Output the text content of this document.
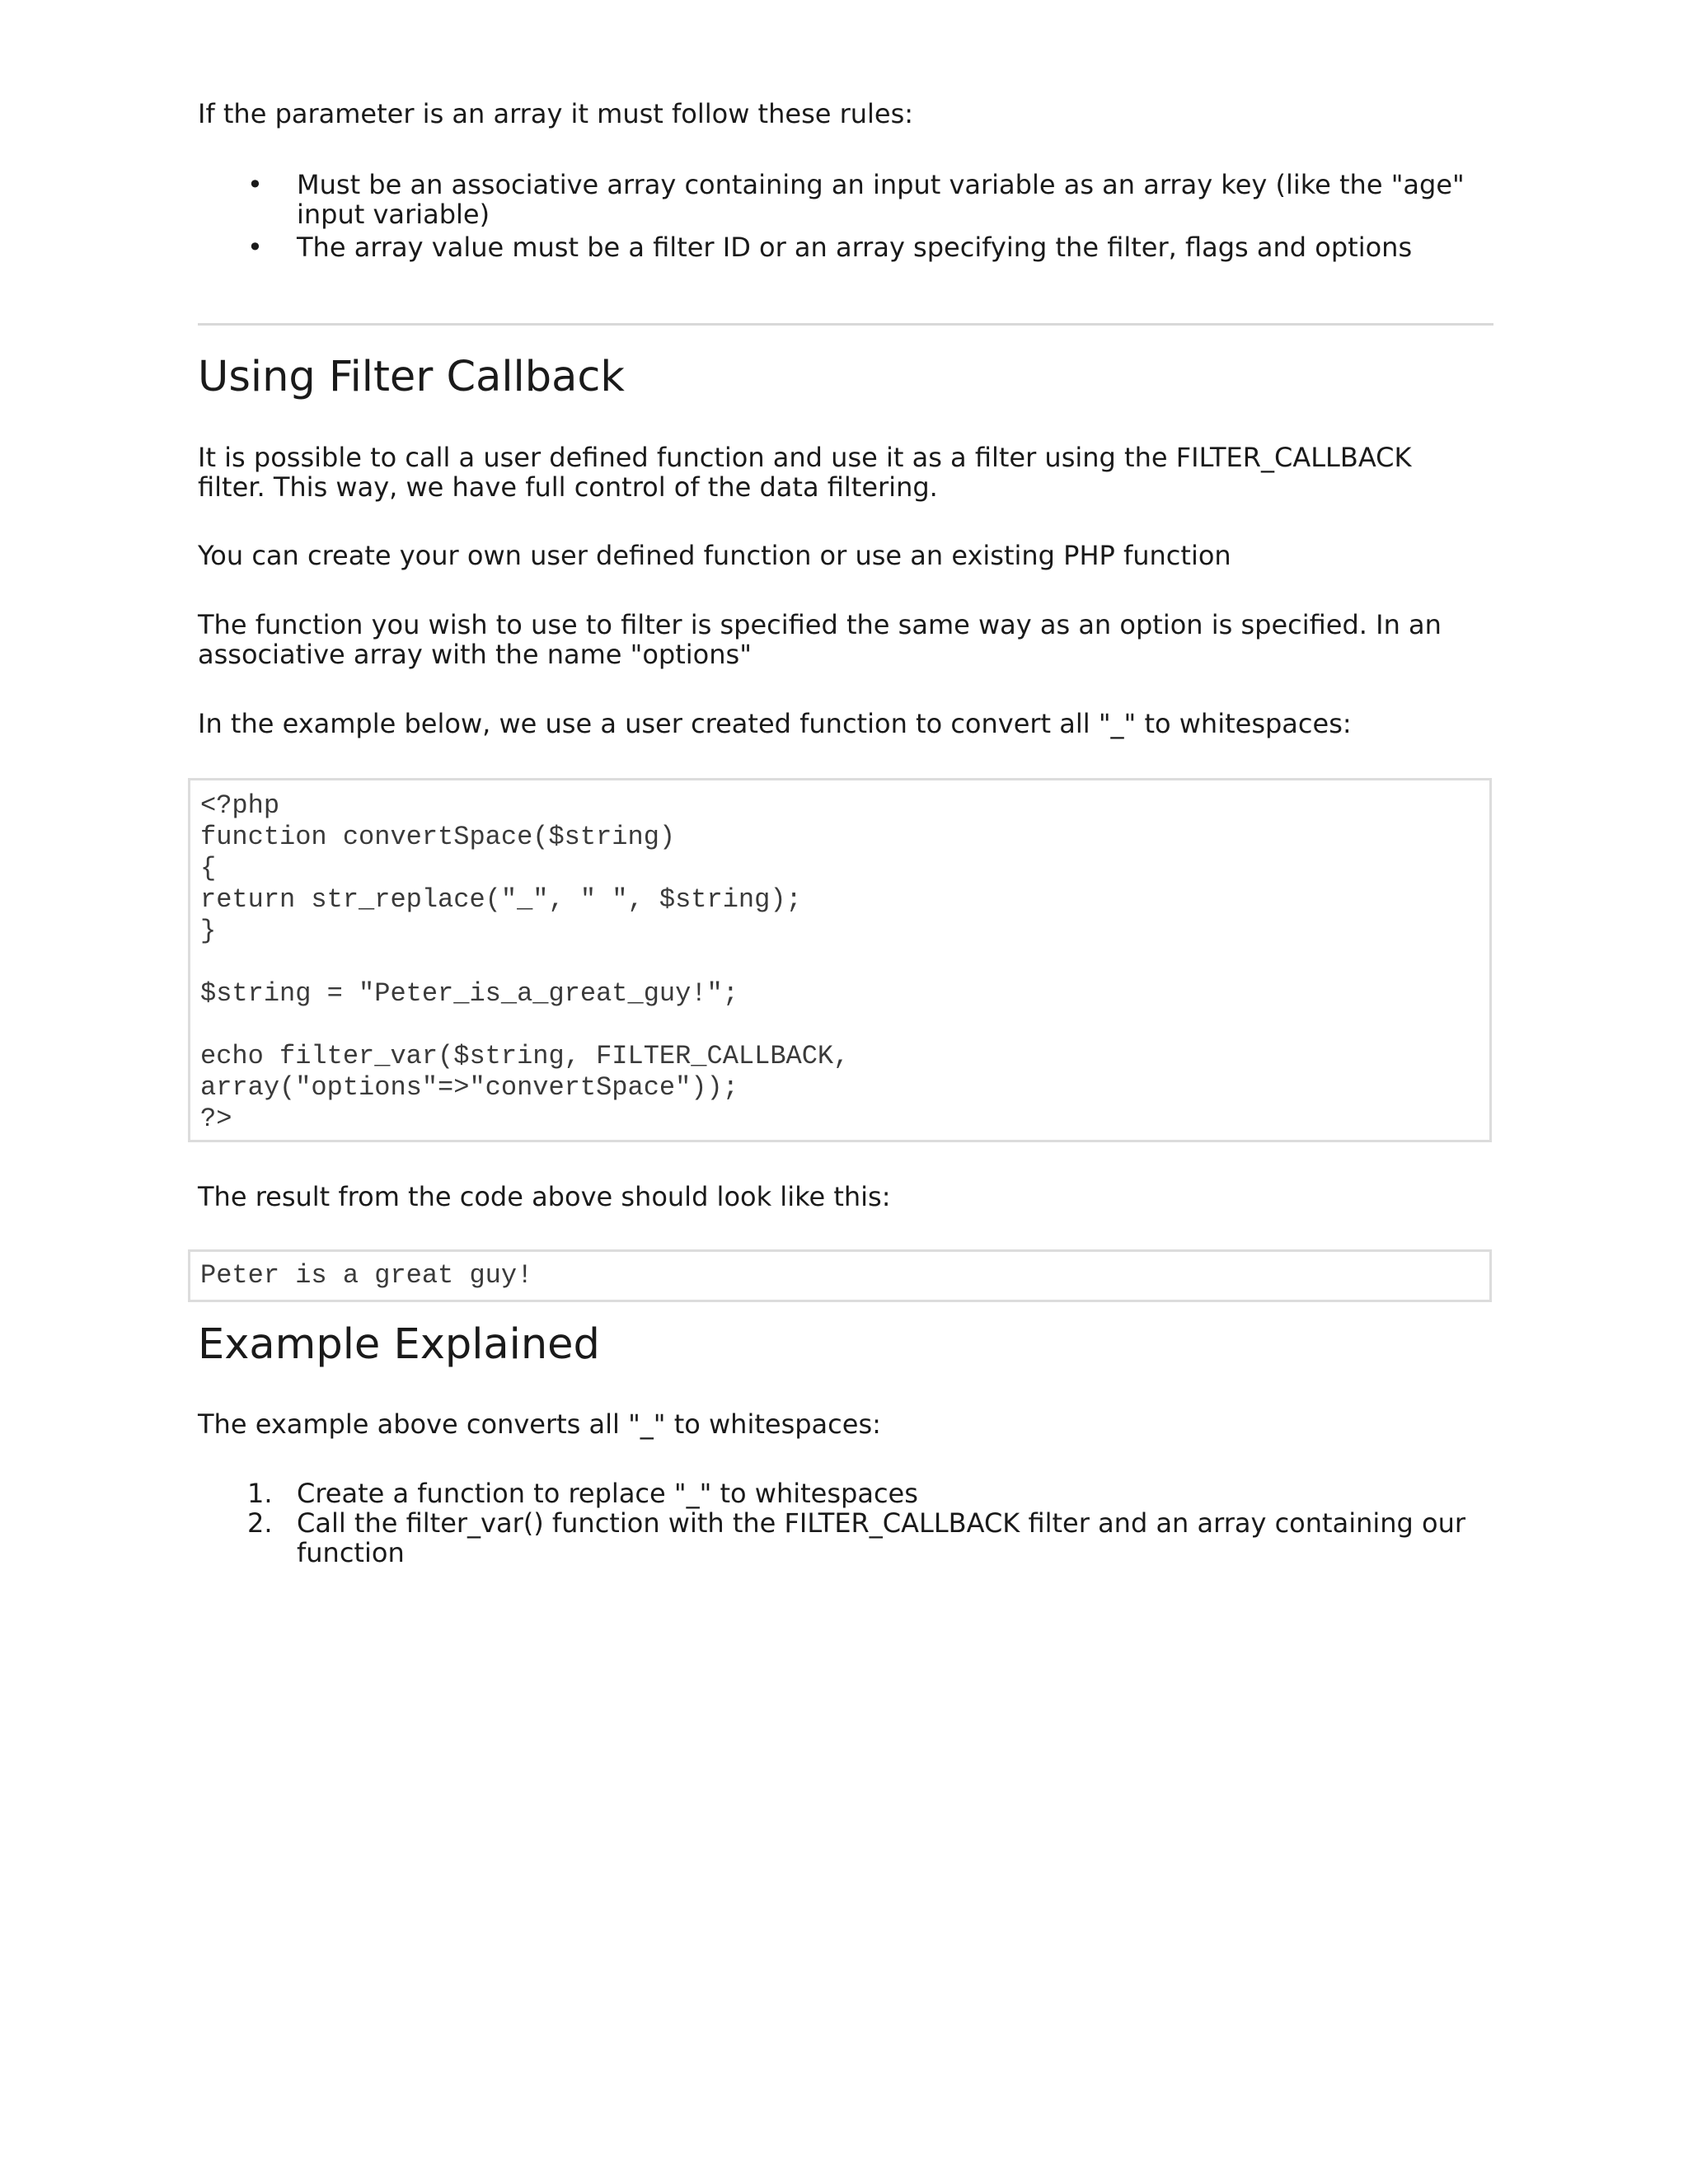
If the parameter is an array it must follow these rules:

• Must be an associative array containing an input variable as an array key (like the "age" input variable)
• The array value must be a filter ID or an array specifying the filter, flags and options
Using Filter Callback

It is possible to call a user defined function and use it as a filter using the FILTER_CALLBACK filter. This way, we have full control of the data filtering.

You can create your own user defined function or use an existing PHP function

The function you wish to use to filter is specified the same way as an option is specified. In an associative array with the name "options"

In the example below, we use a user created function to convert all "_" to whitespaces:

<?php
function convertSpace($string)
{
return str_replace("_", " ", $string);
}

$string = "Peter_is_a_great_guy!";

echo filter_var($string, FILTER_CALLBACK,
array("options"=>"convertSpace"));
?>

The result from the code above should look like this:

Peter is a great guy!
Example Explained

The example above converts all "_" to whitespaces:

1. Create a function to replace "_" to whitespaces
2. Call the filter_var() function with the FILTER_CALLBACK filter and an array containing our function
